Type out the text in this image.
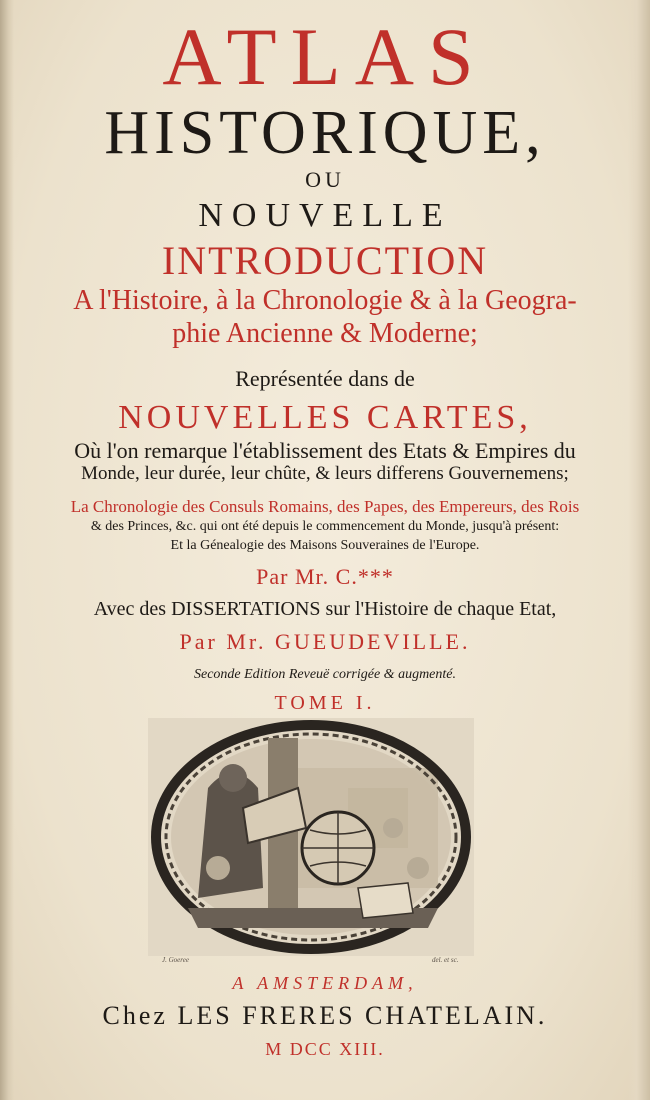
ATLAS
HISTORIQUE,
OU
NOUVELLE
INTRODUCTION
A l'Histoire, à la Chronologie & à la Geogra-
phie Ancienne & Moderne;
Représentée dans de
NOUVELLES CARTES,
Où l'on remarque l'établissement des Etats & Empires du
Monde, leur durée, leur chûte, & leurs differens Gouvernemens;
La Chronologie des Consuls Romains, des Papes, des Empereurs, des Rois
& des Princes, &c. qui ont été depuis le commencement du Monde, jusqu'à présent:
Et la Génealogie des Maisons Souveraines de l'Europe.
Par Mr. C.***
Avec des DISSERTATIONS sur l'Histoire de chaque Etat,
Par Mr. GUEUDEVILLE.
Seconde Edition Reveuë corrigée & augmenté.
TOME I.
J. Goeree	del. et sc.
A AMSTERDAM,
Chez LES FRERES CHATELAIN.
M DCC XIII.
